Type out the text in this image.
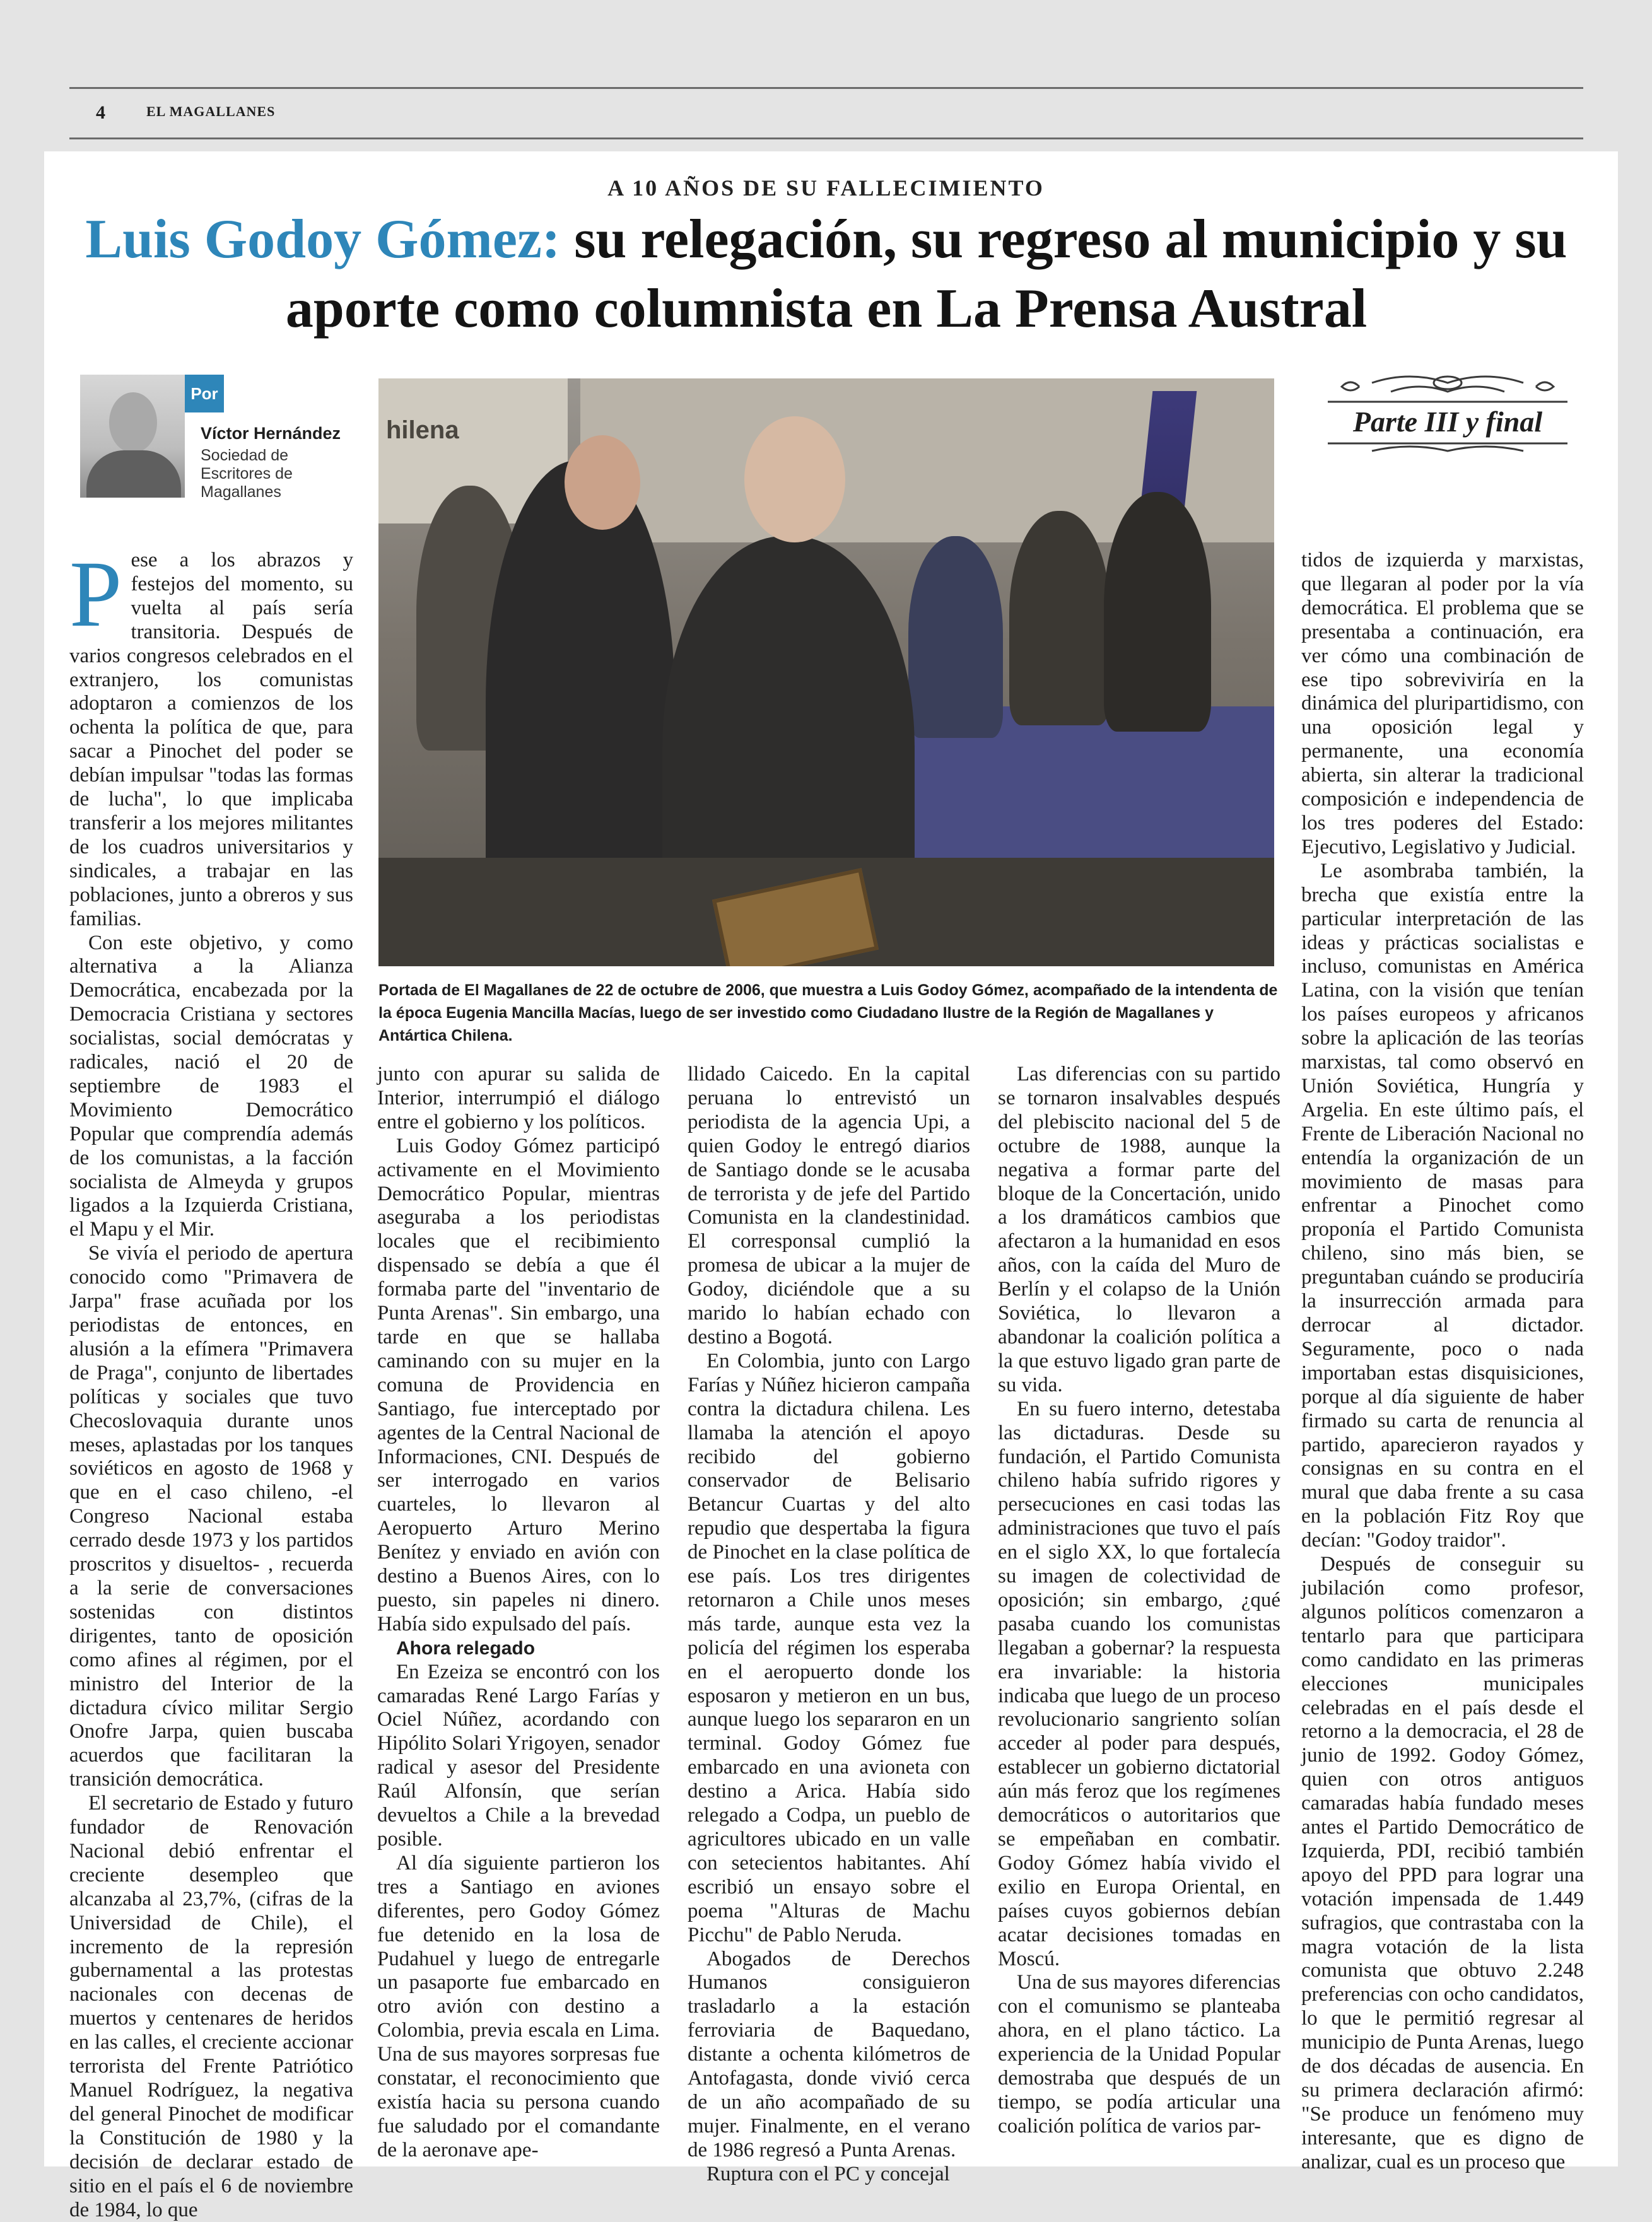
4	EL MAGALLANES
A 10 AÑOS DE SU FALLECIMIENTO
Luis Godoy Gómez: su relegación, su regreso al municipio y su aporte como columnista en La Prensa Austral
Por
Víctor Hernández
Sociedad de Escritores de Magallanes
hilena
Portada de El Magallanes de 22 de octubre de 2006, que muestra a Luis Godoy Gómez, acompañado de la intendenta de la época Eugenia Mancilla Macías, luego de ser investido como Ciudadano Ilustre de la Región de Magallanes y Antártica Chilena.
Parte III y final

Pese a los abrazos y festejos del momento, su vuelta al país sería transitoria. Después de varios congresos celebrados en el extranjero, los comunistas adoptaron a comienzos de los ochenta la política de que, para sacar a Pinochet del poder se debían impulsar "todas las formas de lucha", lo que implicaba transferir a los mejores militantes de los cuadros universitarios y sindicales, a trabajar en las poblaciones, junto a obreros y sus familias.

Con este objetivo, y como alternativa a la Alianza Democrática, encabezada por la Democracia Cristiana y sectores socialistas, social demócratas y radicales, nació el 20 de septiembre de 1983 el Movimiento Democrático Popular que comprendía además de los comunistas, a la facción socialista de Almeyda y grupos ligados a la Izquierda Cristiana, el Mapu y el Mir.

Se vivía el periodo de apertura conocido como "Primavera de Jarpa" frase acuñada por los periodistas de entonces, en alusión a la efímera "Primavera de Praga", conjunto de libertades políticas y sociales que tuvo Checoslovaquia durante unos meses, aplastadas por los tanques soviéticos en agosto de 1968 y que en el caso chileno, -el Congreso Nacional estaba cerrado desde 1973 y los partidos proscritos y disueltos- , recuerda a la serie de conversaciones sostenidas con distintos dirigentes, tanto de oposición como afines al régimen, por el ministro del Interior de la dictadura cívico militar Sergio Onofre Jarpa, quien buscaba acuerdos que facilitaran la transición democrática.

El secretario de Estado y futuro fundador de Renovación Nacional debió enfrentar el creciente desempleo que alcanzaba al 23,7%, (cifras de la Universidad de Chile), el incremento de la represión gubernamental a las protestas nacionales con decenas de muertos y centenares de heridos en las calles, el creciente accionar terrorista del Frente Patriótico Manuel Rodríguez, la negativa del general Pinochet de modificar la Constitución de 1980 y la decisión de declarar estado de sitio en el país el 6 de noviembre de 1984, lo que

junto con apurar su salida de Interior, interrumpió el diálogo entre el gobierno y los políticos.

Luis Godoy Gómez participó activamente en el Movimiento Democrático Popular, mientras aseguraba a los periodistas locales que el recibimiento dispensado se debía a que él formaba parte del "inventario de Punta Arenas". Sin embargo, una tarde en que se hallaba caminando con su mujer en la comuna de Providencia en Santiago, fue interceptado por agentes de la Central Nacional de Informaciones, CNI. Después de ser interrogado en varios cuarteles, lo llevaron al Aeropuerto Arturo Merino Benítez y enviado en avión con destino a Buenos Aires, con lo puesto, sin papeles ni dinero. Había sido expulsado del país.

Ahora relegado

En Ezeiza se encontró con los camaradas René Largo Farías y Ociel Núñez, acordando con Hipólito Solari Yrigoyen, senador radical y asesor del Presidente Raúl Alfonsín, que serían devueltos a Chile a la brevedad posible.

Al día siguiente partieron los tres a Santiago en aviones diferentes, pero Godoy Gómez fue detenido en la losa de Pudahuel y luego de entregarle un pasaporte fue embarcado en otro avión con destino a Colombia, previa escala en Lima. Una de sus mayores sorpresas fue constatar, el reconocimiento que existía hacia su persona cuando fue saludado por el comandante de la aeronave ape-

llidado Caicedo. En la capital peruana lo entrevistó un periodista de la agencia Upi, a quien Godoy le entregó diarios de Santiago donde se le acusaba de terrorista y de jefe del Partido Comunista en la clandestinidad. El corresponsal cumplió la promesa de ubicar a la mujer de Godoy, diciéndole que a su marido lo habían echado con destino a Bogotá.

En Colombia, junto con Largo Farías y Núñez hicieron campaña contra la dictadura chilena. Les llamaba la atención el apoyo recibido del gobierno conservador de Belisario Betancur Cuartas y del alto repudio que despertaba la figura de Pinochet en la clase política de ese país. Los tres dirigentes retornaron a Chile unos meses más tarde, aunque esta vez la policía del régimen los esperaba en el aeropuerto donde los esposaron y metieron en un bus, aunque luego los separaron en un terminal. Godoy Gómez fue embarcado en una avioneta con destino a Arica. Había sido relegado a Codpa, un pueblo de agricultores ubicado en un valle con setecientos habitantes. Ahí escribió un ensayo sobre el poema "Alturas de Machu Picchu" de Pablo Neruda.

Abogados de Derechos Humanos consiguieron trasladarlo a la estación ferroviaria de Baquedano, distante a ochenta kilómetros de Antofagasta, donde vivió cerca de un año acompañado de su mujer. Finalmente, en el verano de 1986 regresó a Punta Arenas.

Ruptura con el PC y concejal

Las diferencias con su partido se tornaron insalvables después del plebiscito nacional del 5 de octubre de 1988, aunque la negativa a formar parte del bloque de la Concertación, unido a los dramáticos cambios que afectaron a la humanidad en esos años, con la caída del Muro de Berlín y el colapso de la Unión Soviética, lo llevaron a abandonar la coalición política a la que estuvo ligado gran parte de su vida.

En su fuero interno, detestaba las dictaduras. Desde su fundación, el Partido Comunista chileno había sufrido rigores y persecuciones en casi todas las administraciones que tuvo el país en el siglo XX, lo que fortalecía su imagen de colectividad de oposición; sin embargo, ¿qué pasaba cuando los comunistas llegaban a gobernar? la respuesta era invariable: la historia indicaba que luego de un proceso revolucionario sangriento solían acceder al poder para después, establecer un gobierno dictatorial aún más feroz que los regímenes democráticos o autoritarios que se empeñaban en combatir. Godoy Gómez había vivido el exilio en Europa Oriental, en países cuyos gobiernos debían acatar decisiones tomadas en Moscú.

Una de sus mayores diferencias con el comunismo se planteaba ahora, en el plano táctico. La experiencia de la Unidad Popular demostraba que después de un tiempo, se podía articular una coalición política de varios par-

tidos de izquierda y marxistas, que llegaran al poder por la vía democrática. El problema que se presentaba a continuación, era ver cómo una combinación de ese tipo sobreviviría en la dinámica del pluripartidismo, con una oposición legal y permanente, una economía abierta, sin alterar la tradicional composición e independencia de los tres poderes del Estado: Ejecutivo, Legislativo y Judicial.

Le asombraba también, la brecha que existía entre la particular interpretación de las ideas y prácticas socialistas e incluso, comunistas en América Latina, con la visión que tenían los países europeos y africanos sobre la aplicación de las teorías marxistas, tal como observó en Unión Soviética, Hungría y Argelia. En este último país, el Frente de Liberación Nacional no entendía la organización de un movimiento de masas para enfrentar a Pinochet como proponía el Partido Comunista chileno, sino más bien, se preguntaban cuándo se produciría la insurrección armada para derrocar al dictador. Seguramente, poco o nada importaban estas disquisiciones, porque al día siguiente de haber firmado su carta de renuncia al partido, aparecieron rayados y consignas en su contra en el mural que daba frente a su casa en la población Fitz Roy que decían: "Godoy traidor".

Después de conseguir su jubilación como profesor, algunos políticos comenzaron a tentarlo para que participara como candidato en las primeras elecciones municipales celebradas en el país desde el retorno a la democracia, el 28 de junio de 1992. Godoy Gómez, quien con otros antiguos camaradas había fundado meses antes el Partido Democrático de Izquierda, PDI, recibió también apoyo del PPD para lograr una votación impensada de 1.449 sufragios, que contrastaba con la magra votación de la lista comunista que obtuvo 2.248 preferencias con ocho candidatos, lo que le permitió regresar al municipio de Punta Arenas, luego de dos décadas de ausencia. En su primera declaración afirmó: "Se produce un fenómeno muy interesante, que es digno de analizar, cual es un proceso que
